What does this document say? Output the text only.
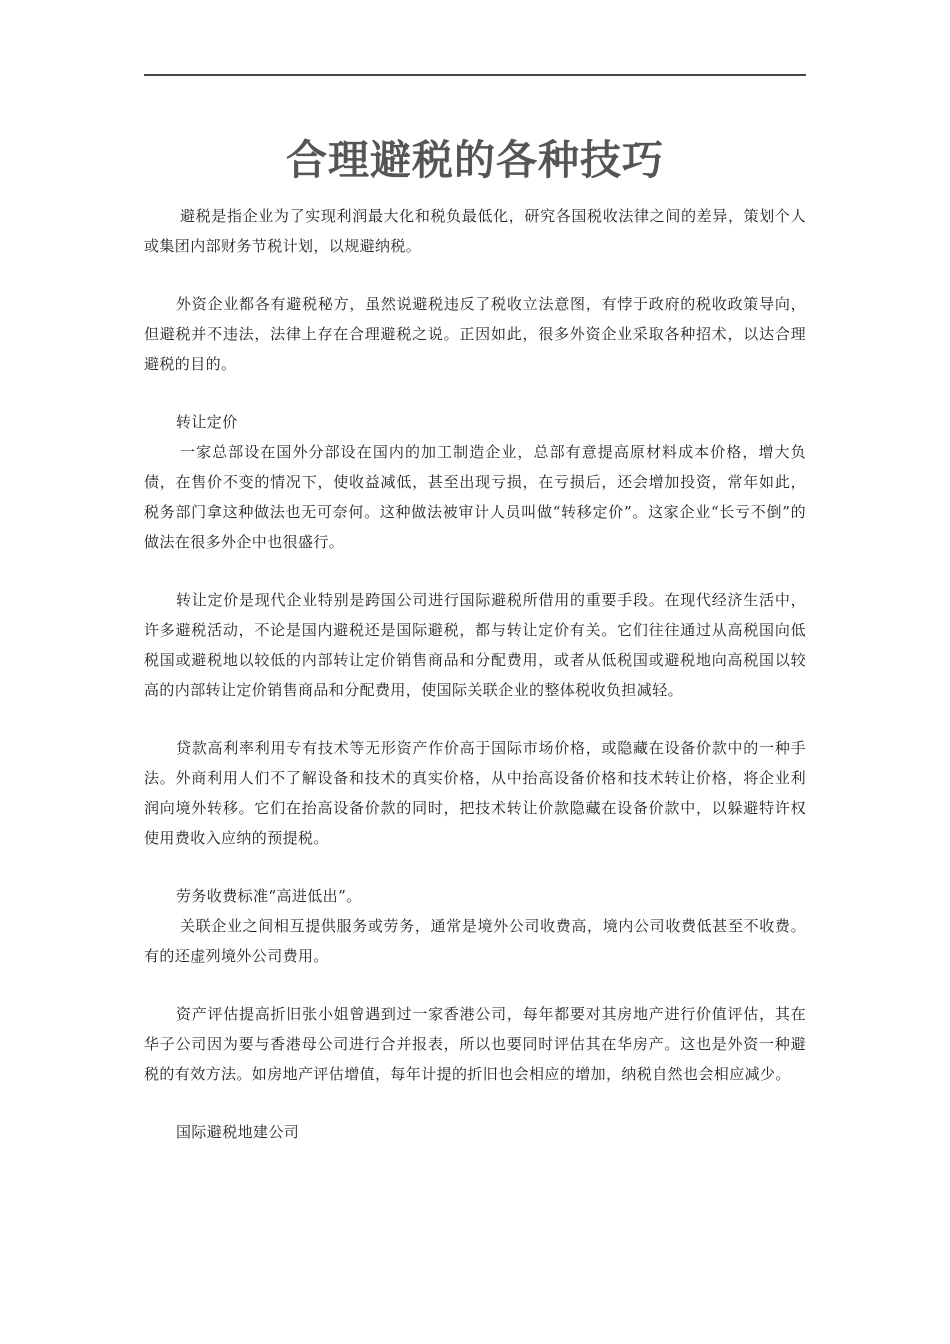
合理避税的各种技巧

避税是指企业为了实现利润最大化和税负最低化，研究各国税收法律之间的差异，策划个人或集团内部财务节税计划，以规避纳税。

外资企业都各有避税秘方，虽然说避税违反了税收立法意图，有悖于政府的税收政策导向，但避税并不违法，法律上存在合理避税之说。正因如此，很多外资企业采取各种招术，以达合理避税的目的。

转让定价

一家总部设在国外分部设在国内的加工制造企业，总部有意提高原材料成本价格，增大负债，在售价不变的情况下，使收益减低，甚至出现亏损，在亏损后，还会增加投资，常年如此，税务部门拿这种做法也无可奈何。这种做法被审计人员叫做“转移定价”。这家企业“长亏不倒”的做法在很多外企中也很盛行。

转让定价是现代企业特别是跨国公司进行国际避税所借用的重要手段。在现代经济生活中，许多避税活动，不论是国内避税还是国际避税，都与转让定价有关。它们往往通过从高税国向低税国或避税地以较低的内部转让定价销售商品和分配费用，或者从低税国或避税地向高税国以较高的内部转让定价销售商品和分配费用，使国际关联企业的整体税收负担减轻。

贷款高利率利用专有技术等无形资产作价高于国际市场价格，或隐藏在设备价款中的一种手法。外商利用人们不了解设备和技术的真实价格，从中抬高设备价格和技术转让价格，将企业利润向境外转移。它们在抬高设备价款的同时，把技术转让价款隐藏在设备价款中，以躲避特许权使用费收入应纳的预提税。

劳务收费标准“高进低出”。

关联企业之间相互提供服务或劳务，通常是境外公司收费高，境内公司收费低甚至不收费。有的还虚列境外公司费用。

资产评估提高折旧张小姐曾遇到过一家香港公司，每年都要对其房地产进行价值评估，其在华子公司因为要与香港母公司进行合并报表，所以也要同时评估其在华房产。这也是外资一种避税的有效方法。如房地产评估增值，每年计提的折旧也会相应的增加，纳税自然也会相应减少。

国际避税地建公司
